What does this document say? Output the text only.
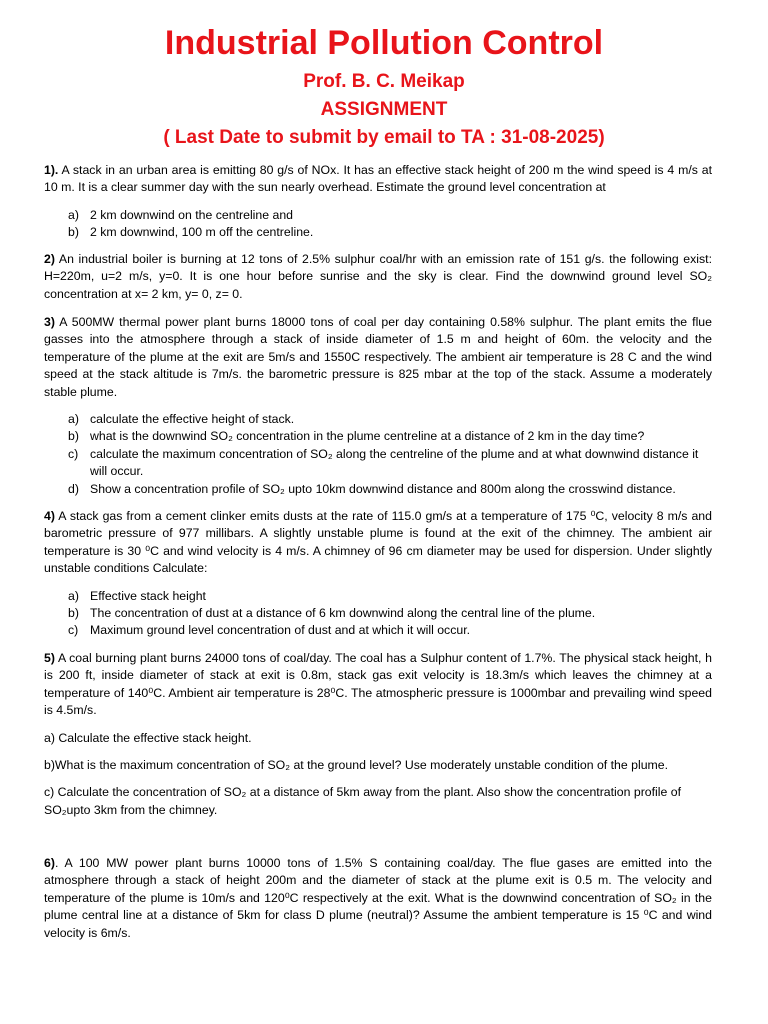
Industrial Pollution Control
Prof. B. C. Meikap
ASSIGNMENT
( Last Date to submit by email to TA : 31-08-2025)

1). A stack in an urban area is emitting 80 g/s of NOx. It has an effective stack height of 200 m the wind speed is 4 m/s at 10 m. It is a clear summer day with the sun nearly overhead. Estimate the ground level concentration at

a) 2 km downwind on the centreline and
b) 2 km downwind, 100 m off the centreline.

2) An industrial boiler is burning at 12 tons of 2.5% sulphur coal/hr with an emission rate of 151 g/s. the following exist: H=220m, u=2 m/s, y=0. It is one hour before sunrise and the sky is clear. Find the downwind ground level SO₂ concentration at x= 2 km, y= 0, z= 0.

3) A 500MW thermal power plant burns 18000 tons of coal per day containing 0.58% sulphur. The plant emits the flue gasses into the atmosphere through a stack of inside diameter of 1.5 m and height of 60m. the velocity and the temperature of the plume at the exit are 5m/s and 1550C respectively. The ambient air temperature is 28 C and the wind speed at the stack altitude is 7m/s. the barometric pressure is 825 mbar at the top of the stack. Assume a moderately stable plume.

a) calculate the effective height of stack.
b) what is the downwind SO₂ concentration in the plume centreline at a distance of 2 km in the day time?
c) calculate the maximum concentration of SO₂ along the centreline of the plume and at what downwind distance it will occur.
d) Show a concentration profile of SO₂ upto 10km downwind distance and 800m along the crosswind distance.

4) A stack gas from a cement clinker emits dusts at the rate of 115.0 gm/s at a temperature of 175 ⁰C, velocity 8 m/s and barometric pressure of 977 millibars. A slightly unstable plume is found at the exit of the chimney. The ambient air temperature is 30 ⁰C and wind velocity is 4 m/s. A chimney of 96 cm diameter may be used for dispersion. Under slightly unstable conditions Calculate:

a) Effective stack height
b) The concentration of dust at a distance of 6 km downwind along the central line of the plume.
c) Maximum ground level concentration of dust and at which it will occur.

5) A coal burning plant burns 24000 tons of coal/day. The coal has a Sulphur content of 1.7%. The physical stack height, h is 200 ft, inside diameter of stack at exit is 0.8m, stack gas exit velocity is 18.3m/s which leaves the chimney at a temperature of 140⁰C. Ambient air temperature is 28⁰C. The atmospheric pressure is 1000mbar and prevailing wind speed is 4.5m/s.

a) Calculate the effective stack height.

b)What is the maximum concentration of SO₂ at the ground level? Use moderately unstable condition of the plume.

c) Calculate the concentration of SO₂ at a distance of 5km away from the plant. Also show the concentration profile of SO₂upto 3km from the chimney.

6). A 100 MW power plant burns 10000 tons of 1.5% S containing coal/day. The flue gases are emitted into the atmosphere through a stack of height 200m and the diameter of stack at the plume exit is 0.5 m. The velocity and temperature of the plume is 10m/s and 120⁰C respectively at the exit. What is the downwind concentration of SO₂ in the plume central line at a distance of 5km for class D plume (neutral)? Assume the ambient temperature is 15 ⁰C and wind velocity is 6m/s.
